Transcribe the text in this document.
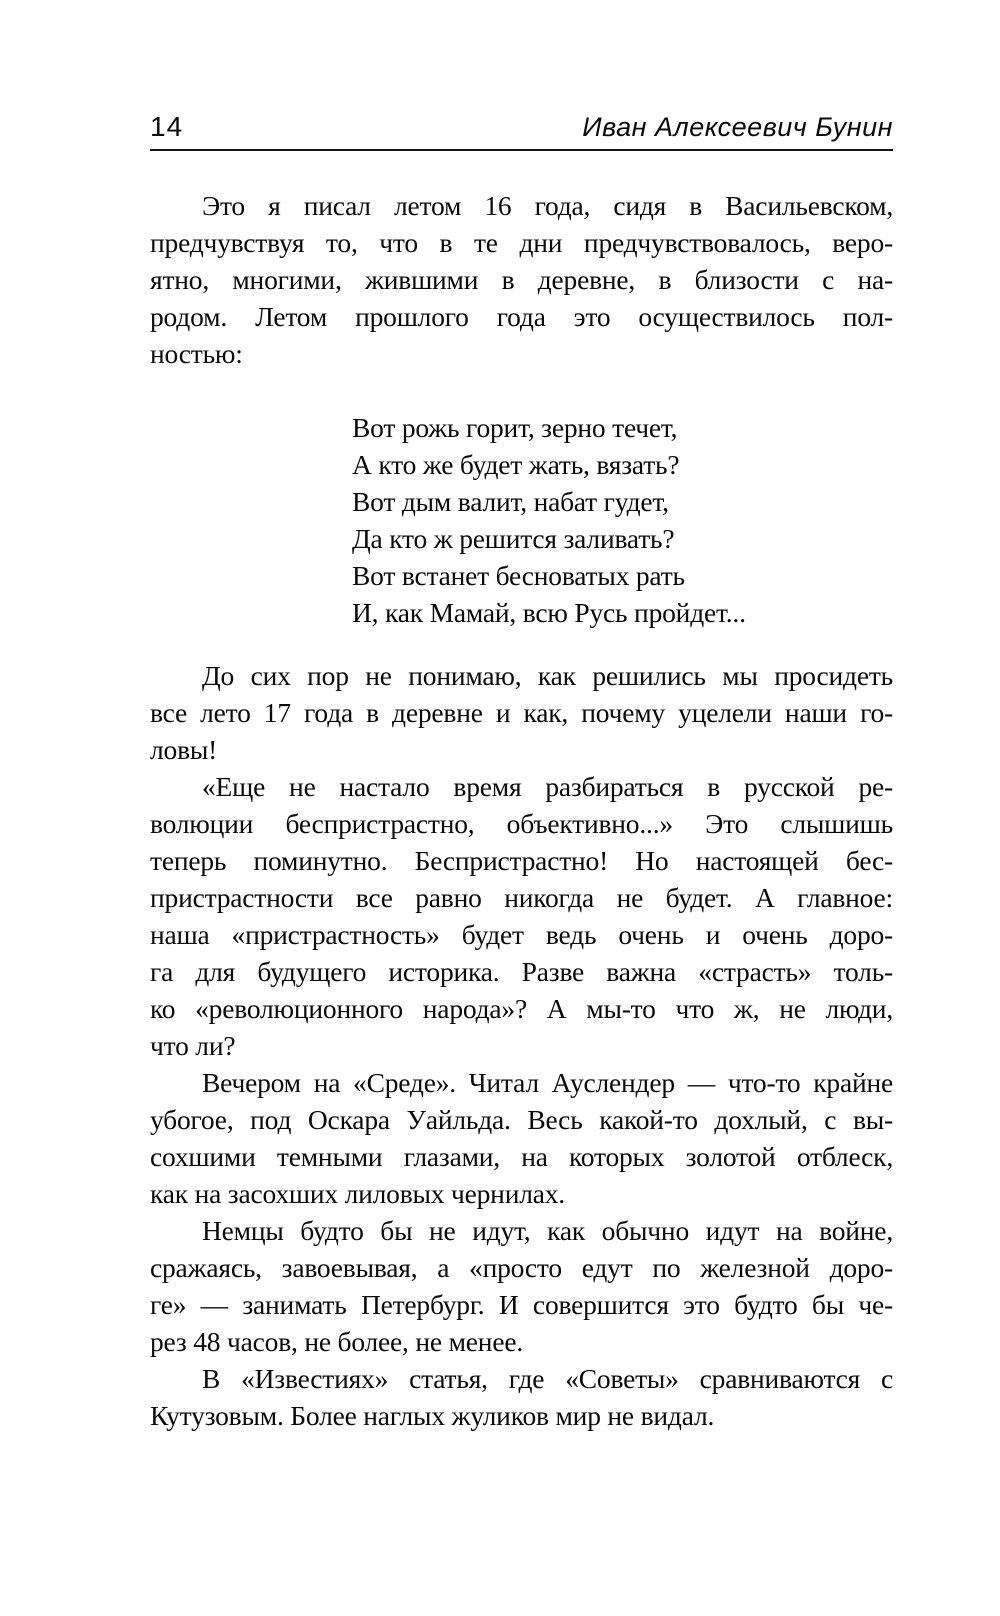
14	Иван Алексеевич Бунин
Это я писал летом 16 года, сидя в Васильевском,
предчувствуя то, что в те дни предчувствовалось, веро-
ятно, многими, жившими в деревне, в близости с на-
родом. Летом прошлого года это осуществилось пол-
ностью:
Вот рожь горит, зерно течет,
А кто же будет жать, вязать?
Вот дым валит, набат гудет,
Да кто ж решится заливать?
Вот встанет бесноватых рать
И, как Мамай, всю Русь пройдет...
До сих пор не понимаю, как решились мы просидеть
все лето 17 года в деревне и как, почему уцелели наши го-
ловы!
«Еще не настало время разбираться в русской ре-
волюции беспристрастно, объективно...» Это слышишь
теперь поминутно. Беспристрастно! Но настоящей бес-
пристрастности все равно никогда не будет. А главное:
наша «пристрастность» будет ведь очень и очень доро-
га для будущего историка. Разве важна «страсть» толь-
ко «революционного народа»? А мы-то что ж, не люди,
что ли?
Вечером на «Среде». Читал Ауслендер — что-то крайне
убогое, под Оскара Уайльда. Весь какой-то дохлый, с вы-
сохшими темными глазами, на которых золотой отблеск,
как на засохших лиловых чернилах.
Немцы будто бы не идут, как обычно идут на войне,
сражаясь, завоевывая, а «просто едут по железной доро-
ге» — занимать Петербург. И совершится это будто бы че-
рез 48 часов, не более, не менее.
В «Известиях» статья, где «Советы» сравниваются с
Кутузовым. Более наглых жуликов мир не видал.
